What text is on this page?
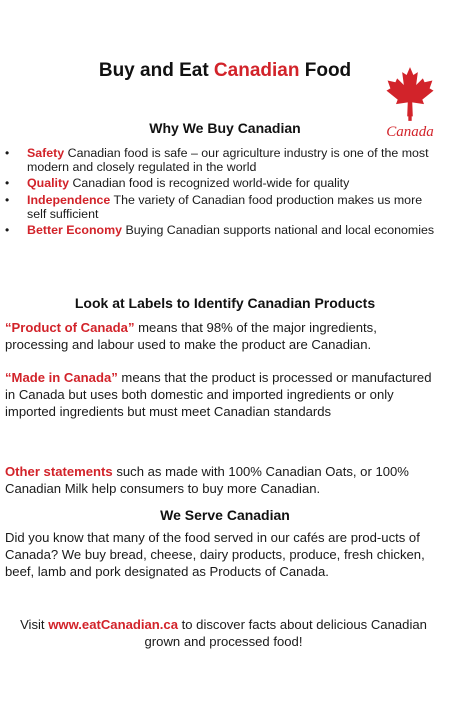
Buy and Eat Canadian Food
Canada
Why We Buy Canadian
• Safety Canadian food is safe – our agriculture industry is one of the most modern and closely regulated in the world
• Quality Canadian food is recognized world-wide for quality
• Independence The variety of Canadian food production makes us more self sufficient
• Better Economy Buying Canadian supports national and local economies
Look at Labels to Identify Canadian Products

“Product of Canada” means that 98% of the major ingredients, processing and labour used to make the product are Canadian.

“Made in Canada” means that the product is processed or manufactured in Canada but uses both domestic and imported ingredients or only imported ingredients but must meet Canadian standards

Other statements such as made with 100% Canadian Oats, or 100% Canadian Milk help consumers to buy more Canadian.

We Serve Canadian

Did you know that many of the food served in our cafés are prod-ucts of Canada? We buy bread, cheese, dairy products, produce, fresh chicken, beef, lamb and pork designated as Products of Canada.

Visit www.eatCanadian.ca to discover facts about delicious Canadian grown and processed food!
